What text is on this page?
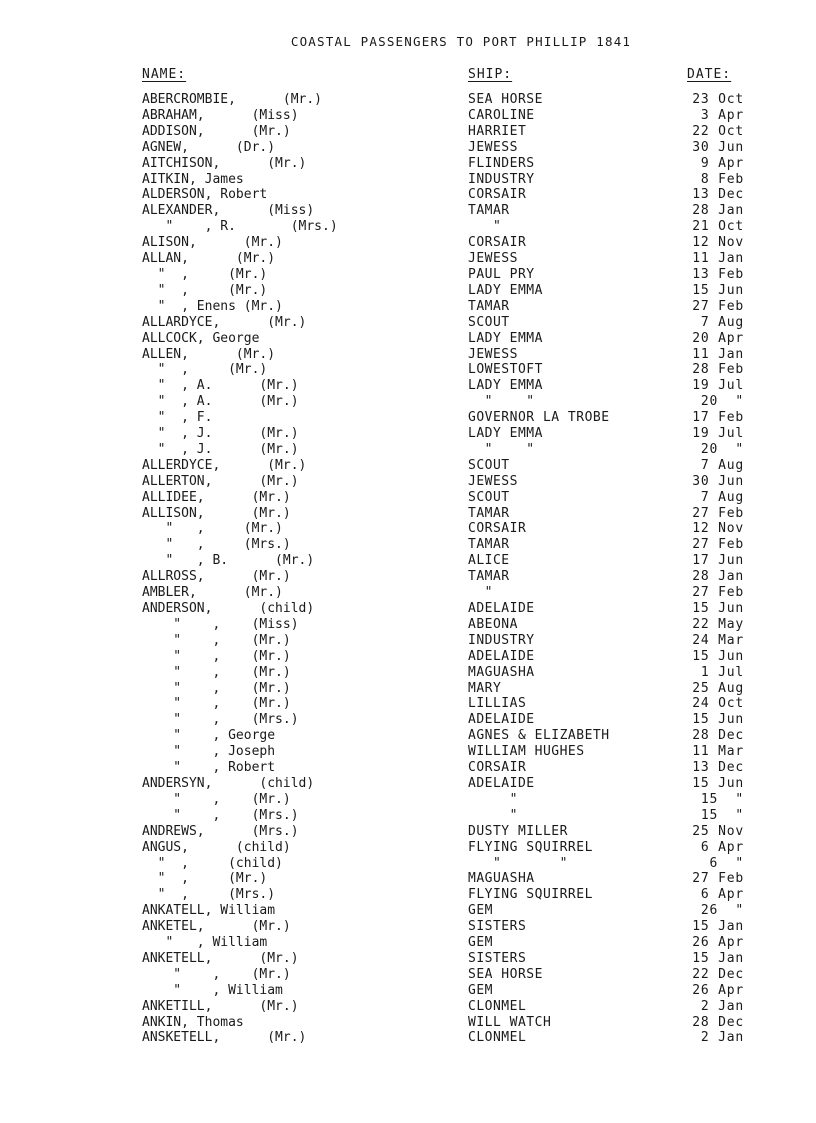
COASTAL PASSENGERS TO PORT PHILLIP 1841
NAME:	SHIP:	DATE:
ABERCROMBIE,      (Mr.)	SEA HORSE	23 Oct
ABRAHAM,      (Miss)	CAROLINE	3 Apr
ADDISON,      (Mr.)	HARRIET	22 Oct
AGNEW,      (Dr.)	JEWESS	30 Jun
AITCHISON,      (Mr.)	FLINDERS	9 Apr
AITKIN, James	INDUSTRY	8 Feb
ALDERSON, Robert	CORSAIR	13 Dec
ALEXANDER,      (Miss)	TAMAR	28 Jan
"    , R.       (Mrs.)	"	21 Oct
ALISON,      (Mr.)	CORSAIR	12 Nov
ALLAN,      (Mr.)	JEWESS	11 Jan
"  ,     (Mr.)	PAUL PRY	13 Feb
"  ,     (Mr.)	LADY EMMA	15 Jun
"  , Enens (Mr.)	TAMAR	27 Feb
ALLARDYCE,      (Mr.)	SCOUT	7 Aug
ALLCOCK, George	LADY EMMA	20 Apr
ALLEN,      (Mr.)	JEWESS	11 Jan
"  ,     (Mr.)	LOWESTOFT	28 Feb
"  , A.      (Mr.)	LADY EMMA	19 Jul
"  , A.      (Mr.)	"    "	20  "
"  , F.	GOVERNOR LA TROBE	17 Feb
"  , J.      (Mr.)	LADY EMMA	19 Jul
"  , J.      (Mr.)	"    "	20  "
ALLERDYCE,      (Mr.)	SCOUT	7 Aug
ALLERTON,      (Mr.)	JEWESS	30 Jun
ALLIDEE,      (Mr.)	SCOUT	7 Aug
ALLISON,      (Mr.)	TAMAR	27 Feb
"   ,     (Mr.)	CORSAIR	12 Nov
"   ,     (Mrs.)	TAMAR	27 Feb
"   , B.      (Mr.)	ALICE	17 Jun
ALLROSS,      (Mr.)	TAMAR	28 Jan
AMBLER,      (Mr.)	"	27 Feb
ANDERSON,      (child)	ADELAIDE	15 Jun
"    ,    (Miss)	ABEONA	22 May
"    ,    (Mr.)	INDUSTRY	24 Mar
"    ,    (Mr.)	ADELAIDE	15 Jun
"    ,    (Mr.)	MAGUASHA	1 Jul
"    ,    (Mr.)	MARY	25 Aug
"    ,    (Mr.)	LILLIAS	24 Oct
"    ,    (Mrs.)	ADELAIDE	15 Jun
"    , George	AGNES & ELIZABETH	28 Dec
"    , Joseph	WILLIAM HUGHES	11 Mar
"    , Robert	CORSAIR	13 Dec
ANDERSYN,      (child)	ADELAIDE	15 Jun
"    ,    (Mr.)	"	15  "
"    ,    (Mrs.)	"	15  "
ANDREWS,      (Mrs.)	DUSTY MILLER	25 Nov
ANGUS,      (child)	FLYING SQUIRREL	6 Apr
"  ,     (child)	"       "	6  "
"  ,     (Mr.)	MAGUASHA	27 Feb
"  ,     (Mrs.)	FLYING SQUIRREL	6 Apr
ANKATELL, William	GEM	26  "
ANKETEL,      (Mr.)	SISTERS	15 Jan
"   , William	GEM	26 Apr
ANKETELL,      (Mr.)	SISTERS	15 Jan
"    ,    (Mr.)	SEA HORSE	22 Dec
"    , William	GEM	26 Apr
ANKETILL,      (Mr.)	CLONMEL	2 Jan
ANKIN, Thomas	WILL WATCH	28 Dec
ANSKETELL,      (Mr.)	CLONMEL	2 Jan
